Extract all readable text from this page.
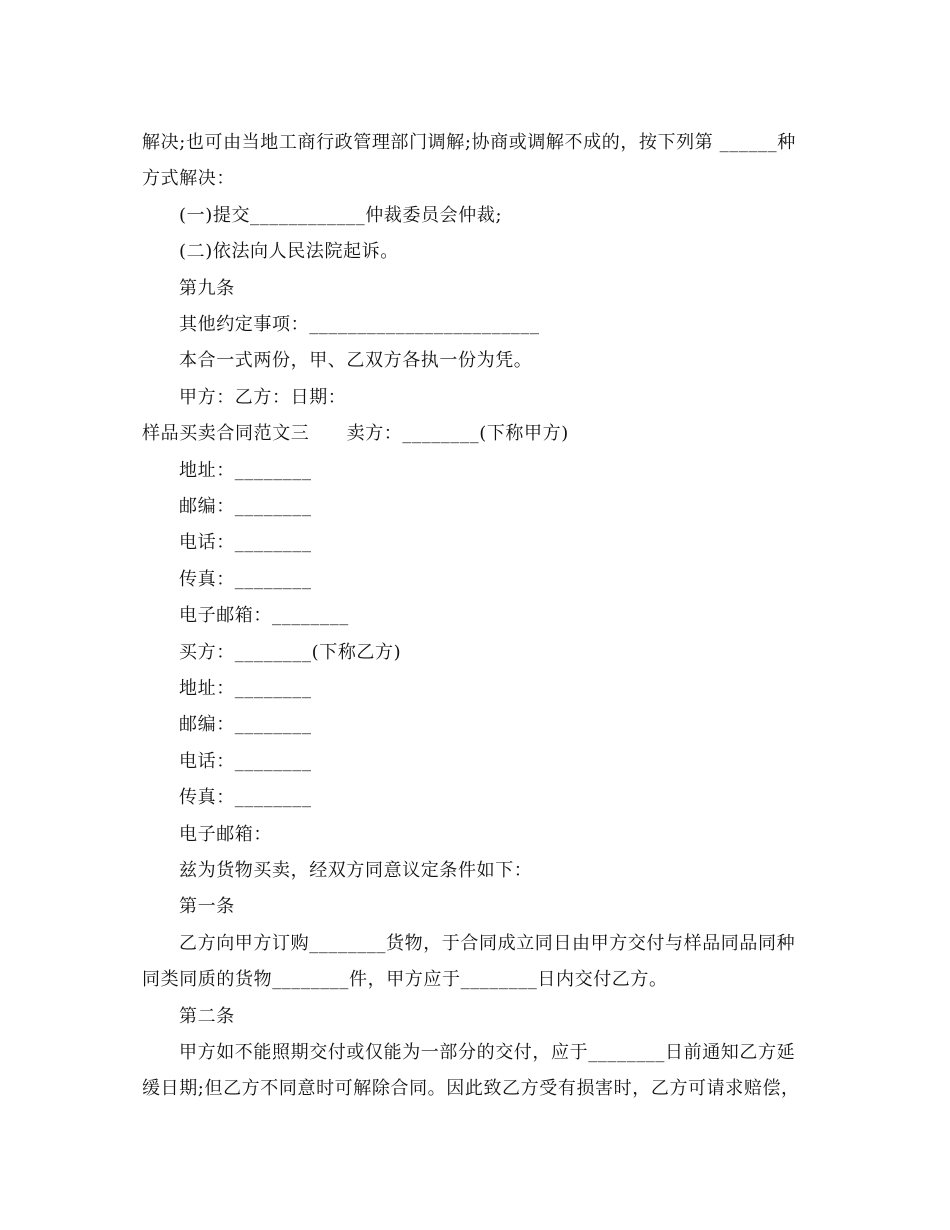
解决;也可由当地工商行政管理部门调解;协商或调解不成的，按下列第 ______种
方式解决：
(一)提交____________仲裁委员会仲裁;
(二)依法向人民法院起诉。
第九条
其他约定事项：________________________
本合一式两份，甲、乙双方各执一份为凭。
甲方：乙方：日期：
样品买卖合同范文三　　卖方：________(下称甲方)
地址：________
邮编：________
电话：________
传真：________
电子邮箱：________
买方：________(下称乙方)
地址：________
邮编：________
电话：________
传真：________
电子邮箱：
兹为货物买卖，经双方同意议定条件如下：
第一条
乙方向甲方订购________货物，于合同成立同日由甲方交付与样品同品同种
同类同质的货物________件，甲方应于________日内交付乙方。
第二条
甲方如不能照期交付或仅能为一部分的交付，应于________日前通知乙方延
缓日期;但乙方不同意时可解除合同。因此致乙方受有损害时，乙方可请求赔偿，
